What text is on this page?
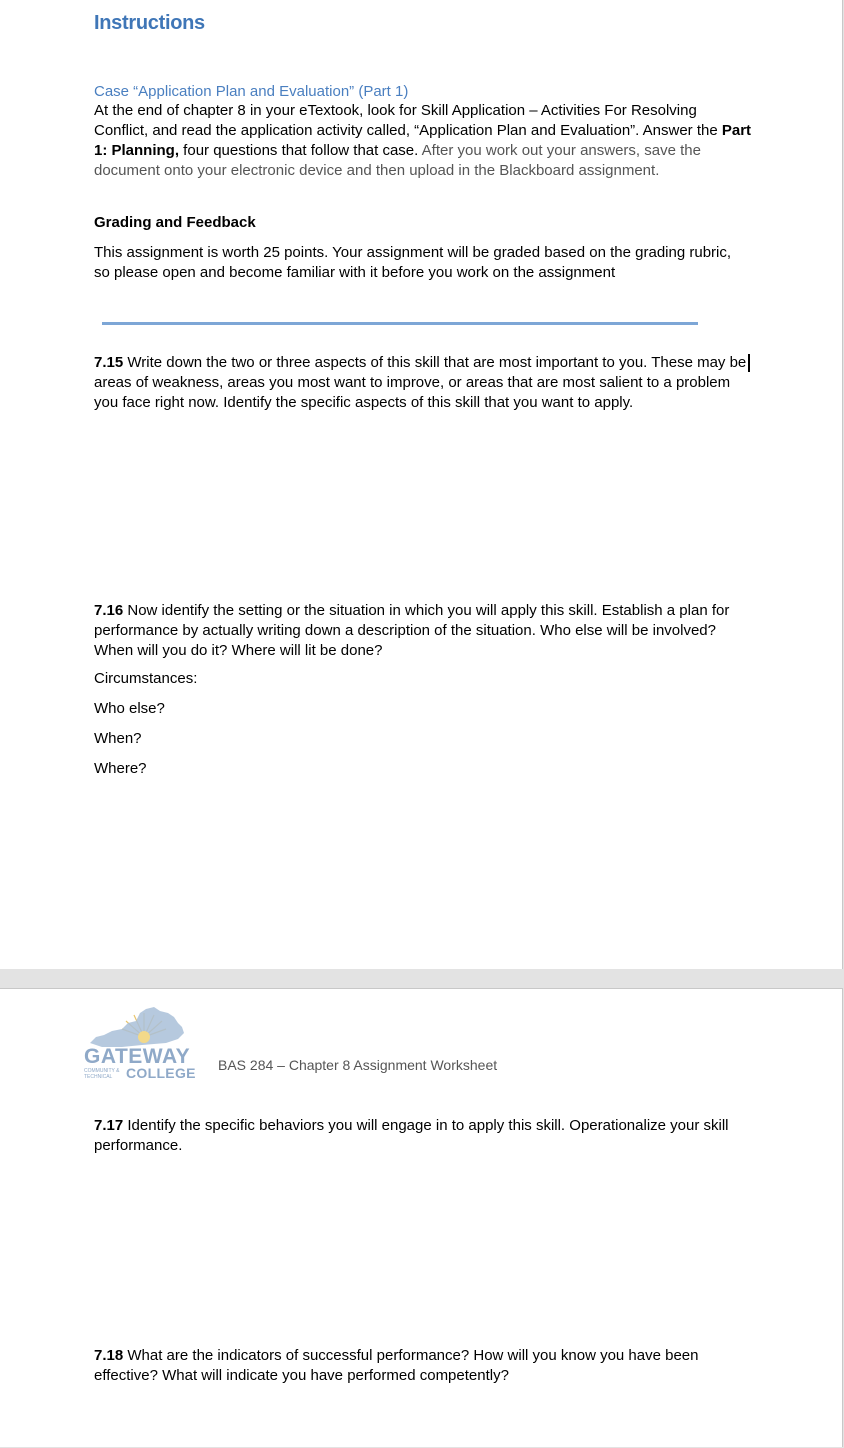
Instructions
Case “Application Plan and Evaluation” (Part 1)
At the end of chapter 8 in your eTextook, look for Skill Application – Activities For Resolving Conflict, and read the application activity called, “Application Plan and Evaluation”. Answer the Part 1: Planning, four questions that follow that case. After you work out your answers, save the document onto your electronic device and then upload in the Blackboard assignment.
Grading and Feedback
This assignment is worth 25 points. Your assignment will be graded based on the grading rubric, so please open and become familiar with it before you work on the assignment
7.15 Write down the two or three aspects of this skill that are most important to you. These may be areas of weakness, areas you most want to improve, or areas that are most salient to a problem you face right now. Identify the specific aspects of this skill that you want to apply.
7.16 Now identify the setting or the situation in which you will apply this skill. Establish a plan for performance by actually writing down a description of the situation. Who else will be involved? When will you do it? Where will lit be done?
Circumstances:
Who else?
When?
Where?
GATEWAY
COMMUNITY & TECHNICAL COLLEGE BAS 284 – Chapter 8 Assignment Worksheet
7.17 Identify the specific behaviors you will engage in to apply this skill. Operationalize your skill performance.
7.18 What are the indicators of successful performance? How will you know you have been effective? What will indicate you have performed competently?
